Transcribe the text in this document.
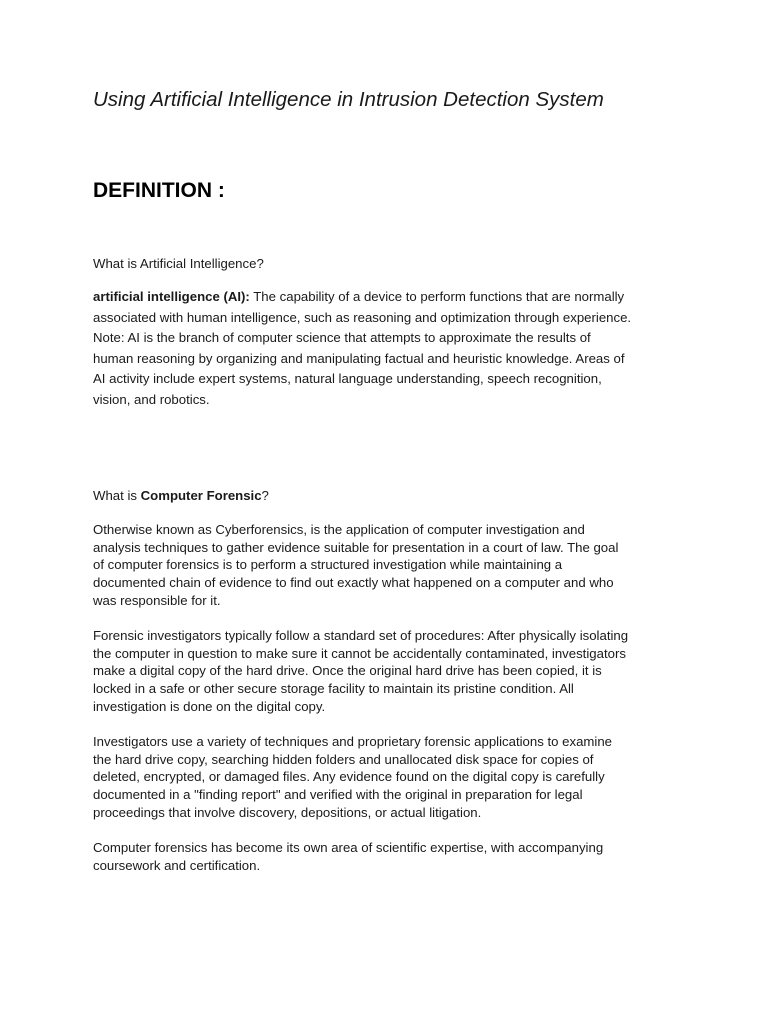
Using Artificial Intelligence in Intrusion Detection System
DEFINITION :

What is Artificial Intelligence?

artificial intelligence (AI): The capability of a device to perform functions that are normally
associated with human intelligence, such as reasoning and optimization through experience.
Note: AI is the branch of computer science that attempts to approximate the results of
human reasoning by organizing and manipulating factual and heuristic knowledge. Areas of
AI activity include expert systems, natural language understanding, speech recognition,
vision, and robotics.

What is Computer Forensic?

Otherwise known as Cyberforensics, is the application of computer investigation and
analysis techniques to gather evidence suitable for presentation in a court of law. The goal
of computer forensics is to perform a structured investigation while maintaining a
documented chain of evidence to find out exactly what happened on a computer and who
was responsible for it.
Forensic investigators typically follow a standard set of procedures: After physically isolating
the computer in question to make sure it cannot be accidentally contaminated, investigators
make a digital copy of the hard drive. Once the original hard drive has been copied, it is
locked in a safe or other secure storage facility to maintain its pristine condition. All
investigation is done on the digital copy.
Investigators use a variety of techniques and proprietary forensic applications to examine
the hard drive copy, searching hidden folders and unallocated disk space for copies of
deleted, encrypted, or damaged files. Any evidence found on the digital copy is carefully
documented in a "finding report" and verified with the original in preparation for legal
proceedings that involve discovery, depositions, or actual litigation.
Computer forensics has become its own area of scientific expertise, with accompanying
coursework and certification.
